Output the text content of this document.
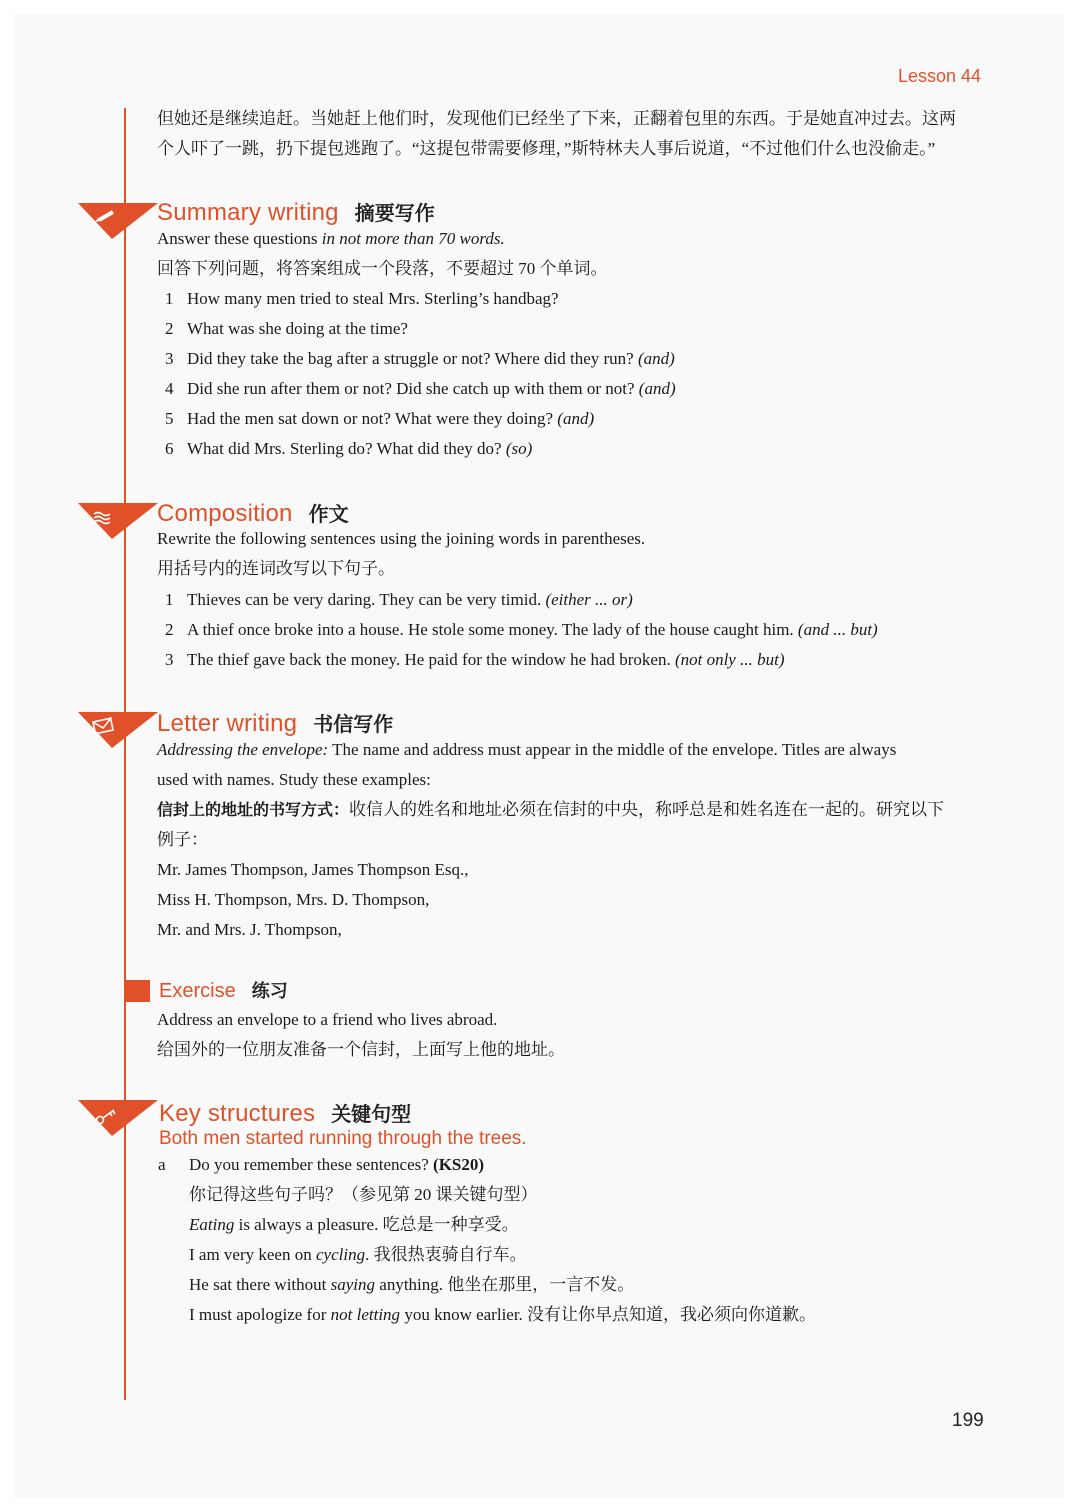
Lesson 44
但她还是继续追赶。当她赶上他们时，发现他们已经坐了下来，正翻着包里的东西。于是她直冲过去。这两
个人吓了一跳，扔下提包逃跑了。“这提包带需要修理，”斯特林夫人事后说道，“不过他们什么也没偷走。”
Summary writing 摘要写作
Answer these questions in not more than 70 words.
回答下列问题，将答案组成一个段落，不要超过 70 个单词。
1 How many men tried to steal Mrs. Sterling’s handbag?
2 What was she doing at the time?
3 Did they take the bag after a struggle or not? Where did they run?
(and)
4 Did she run after them or not? Did she catch up with them or not?
(and)
5 Had the men sat down or not? What were they doing?
(and)
6 What did Mrs. Sterling do? What did they do?
(so)
Composition 作文
Rewrite the following sentences using the joining words in parentheses.
用括号内的连词改写以下句子。
1 Thieves can be very daring. They can be very timid.
(either ... or)
2 A thief once broke into a house. He stole some money. The lady of the house caught him.
(and ... but)
3 The thief gave back the money. He paid for the window he had broken.
(not only ... but)
Letter writing 书信写作
Addressing the envelope: The name and address must appear in the middle of the envelope. Titles are always
used with names. Study these examples:
信封上的地址的书写方式：收信人的姓名和地址必须在信封的中央，称呼总是和姓名连在一起的。研究以下
例子：
Mr. James Thompson, James Thompson Esq.,
Miss H. Thompson, Mrs. D. Thompson,
Mr. and Mrs. J. Thompson,
Exercise 练习
Address an envelope to a friend who lives abroad.
给国外的一位朋友准备一个信封，上面写上他的地址。
Key structures 关键句型
Both men started running through the trees.
a Do you remember these sentences? (KS20)
你记得这些句子吗？（参见第 20 课关键句型）
Eating is always a pleasure. 吃总是一种享受。
I am very keen on cycling. 我很热衷骑自行车。
He sat there without saying anything. 他坐在那里，一言不发。
I must apologize for not letting you know earlier. 没有让你早点知道，我必须向你道歉。
199
